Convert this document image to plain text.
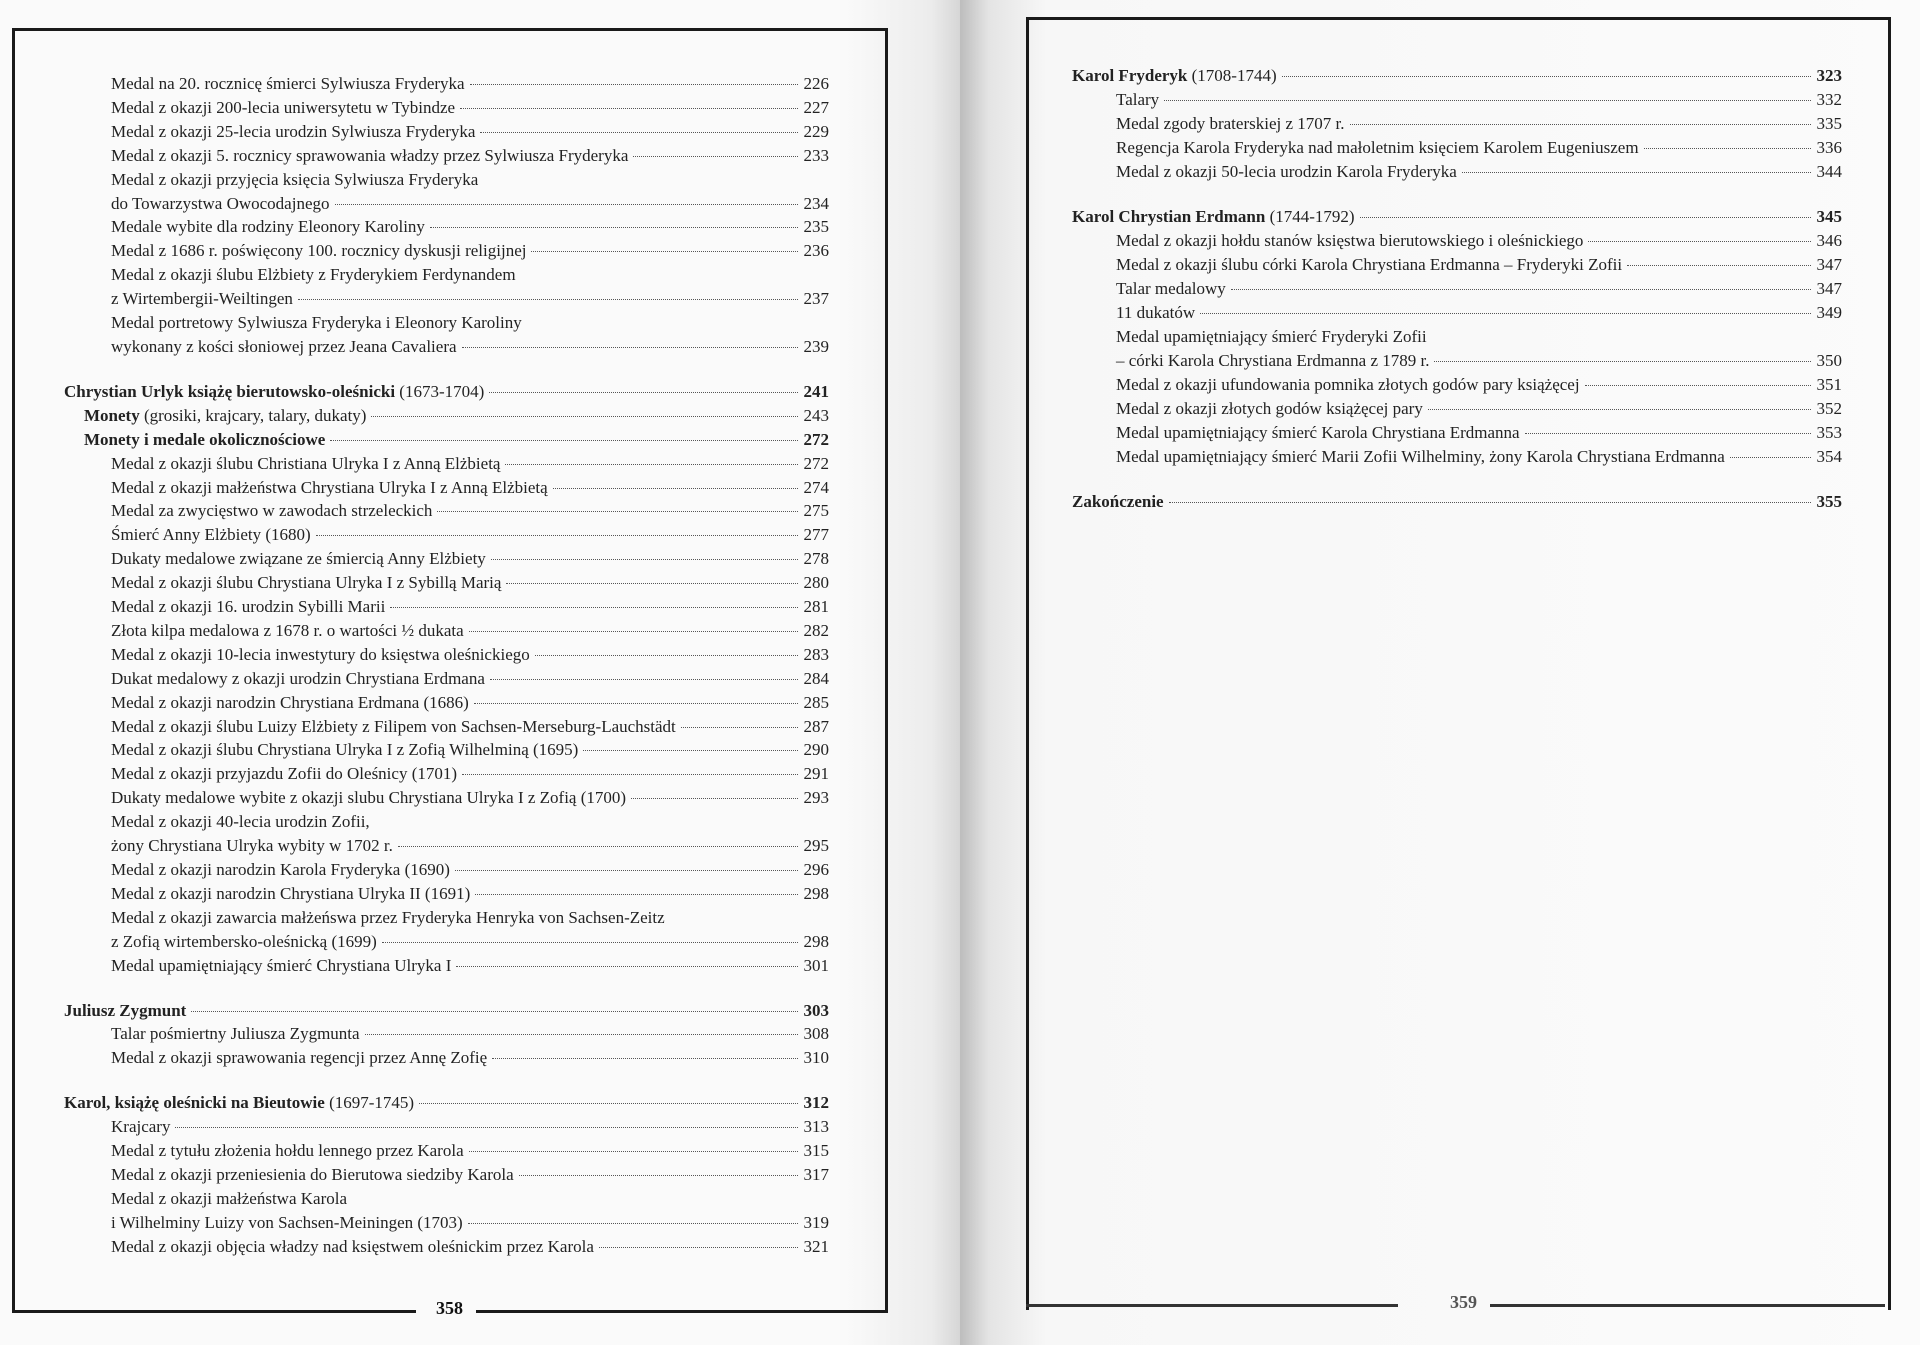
Medal na 20. rocznicę śmierci Sylwiusza Fryderyka	226
Medal z okazji 200-lecia uniwersytetu w Tybindze	227
Medal z okazji 25-lecia urodzin Sylwiusza Fryderyka	229
Medal z okazji 5. rocznicy sprawowania władzy przez Sylwiusza Fryderyka	233
Medal z okazji przyjęcia księcia Sylwiusza Fryderyka
do Towarzystwa Owocodajnego	234
Medale wybite dla rodziny Eleonory Karoliny	235
Medal z 1686 r. poświęcony 100. rocznicy dyskusji religijnej	236
Medal z okazji ślubu Elżbiety z Fryderykiem Ferdynandem
z Wirtembergii-Weiltingen	237
Medal portretowy Sylwiusza Fryderyka i Eleonory Karoliny
wykonany z kości słoniowej przez Jeana Cavaliera	239
Chrystian Urlyk książę bierutowsko-oleśnicki (1673-1704)	241
Monety (grosiki, krajcary, talary, dukaty)	243
Monety i medale okolicznościowe	272
Medal z okazji ślubu Christiana Ulryka I z Anną Elżbietą	272
Medal z okazji małżeństwa Chrystiana Ulryka I z Anną Elżbietą	274
Medal za zwycięstwo w zawodach strzeleckich	275
Śmierć Anny Elżbiety (1680)	277
Dukaty medalowe związane ze śmiercią Anny Elżbiety	278
Medal z okazji ślubu Chrystiana Ulryka I z Sybillą Marią	280
Medal z okazji 16. urodzin Sybilli Marii	281
Złota kilpa medalowa z 1678 r. o wartości ½ dukata	282
Medal z okazji 10-lecia inwestytury do księstwa oleśnickiego	283
Dukat medalowy z okazji urodzin Chrystiana Erdmana	284
Medal z okazji narodzin Chrystiana Erdmana (1686)	285
Medal z okazji ślubu Luizy Elżbiety z Filipem von Sachsen-Merseburg-Lauchstädt	287
Medal z okazji ślubu Chrystiana Ulryka I z Zofią Wilhelminą (1695)	290
Medal z okazji przyjazdu Zofii do Oleśnicy (1701)	291
Dukaty medalowe wybite z okazji slubu Chrystiana Ulryka I z Zofią (1700)	293
Medal z okazji 40-lecia urodzin Zofii,
żony Chrystiana Ulryka wybity w 1702 r.	295
Medal z okazji narodzin Karola Fryderyka (1690)	296
Medal z okazji narodzin Chrystiana Ulryka II (1691)	298
Medal z okazji zawarcia małżeńswa przez Fryderyka Henryka von Sachsen-Zeitz
z Zofią wirtembersko-oleśnicką (1699)	298
Medal upamiętniający śmierć Chrystiana Ulryka I	301
Juliusz Zygmunt	303
Talar pośmiertny Juliusza Zygmunta	308
Medal z okazji sprawowania regencji przez Annę Zofię	310
Karol, książę oleśnicki na Bieutowie (1697-1745)	312
Krajcary	313
Medal z tytułu złożenia hołdu lennego przez Karola	315
Medal z okazji przeniesienia do Bierutowa siedziby Karola	317
Medal z okazji małżeństwa Karola
i Wilhelminy Luizy von Sachsen-Meiningen (1703)	319
Medal z okazji objęcia władzy nad księstwem oleśnickim przez Karola	321
358
Karol Fryderyk (1708-1744)	323
Talary	332
Medal zgody braterskiej z 1707 r.	335
Regencja Karola Fryderyka nad małoletnim księciem Karolem Eugeniuszem	336
Medal z okazji 50-lecia urodzin Karola Fryderyka	344
Karol Chrystian Erdmann (1744-1792)	345
Medal z okazji hołdu stanów księstwa bierutowskiego i oleśnickiego	346
Medal z okazji ślubu córki Karola Chrystiana Erdmanna – Fryderyki Zofii	347
Talar medalowy	347
11 dukatów	349
Medal upamiętniający śmierć Fryderyki Zofii
– córki Karola Chrystiana Erdmanna z 1789 r.	350
Medal z okazji ufundowania pomnika złotych godów pary książęcej	351
Medal z okazji złotych godów książęcej pary	352
Medal upamiętniający śmierć Karola Chrystiana Erdmanna	353
Medal upamiętniający śmierć Marii Zofii Wilhelminy, żony Karola Chrystiana Erdmanna	354
Zakończenie	355
359
